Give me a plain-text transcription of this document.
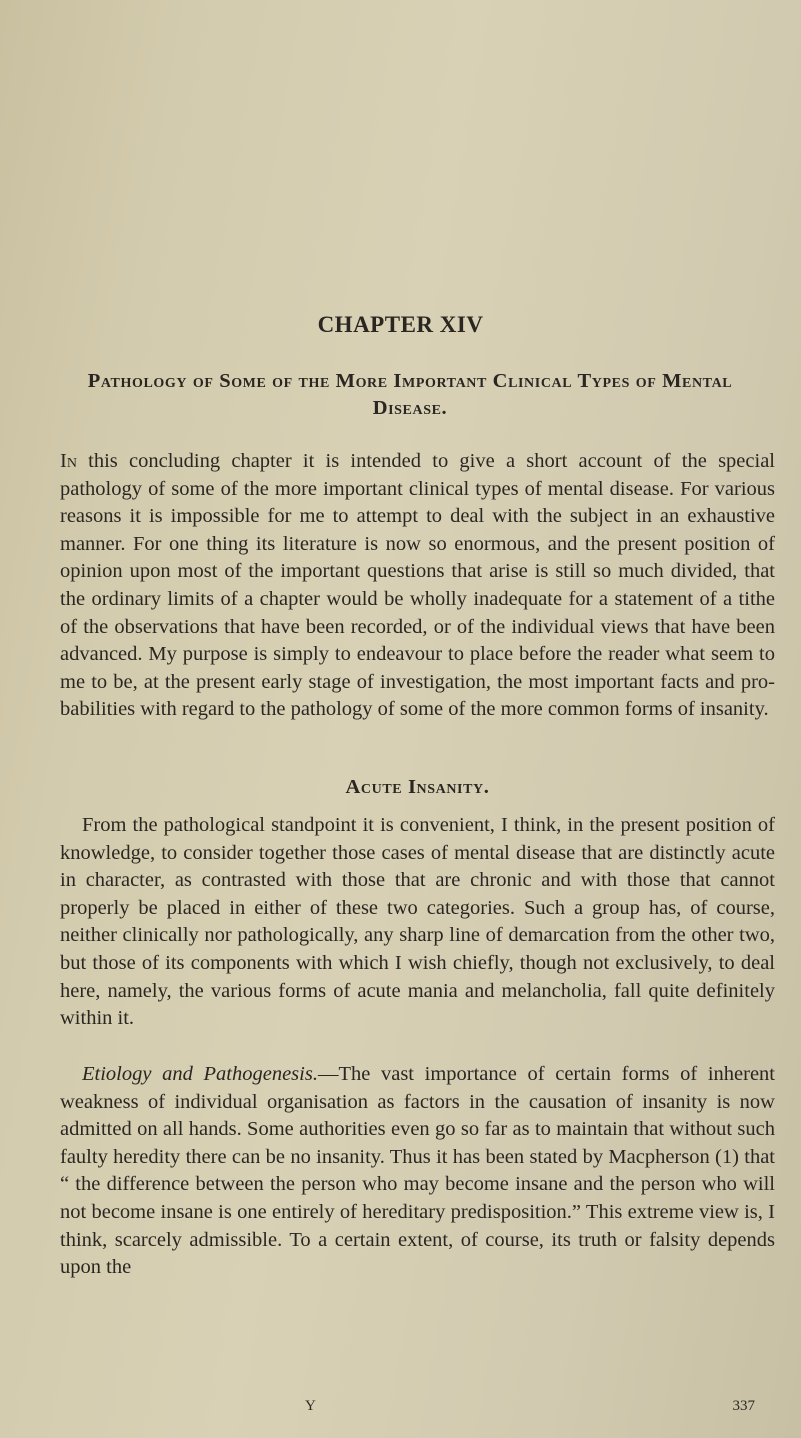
CHAPTER XIV
Pathology of Some of the More Important Clinical Types of Mental Disease.

In this concluding chapter it is intended to give a short account of the special pathology of some of the more important clinical types of mental disease. For various reasons it is impossible for me to attempt to deal with the subject in an exhaustive manner. For one thing its literature is now so enormous, and the present position of opinion upon most of the important questions that arise is still so much divided, that the ordinary limits of a chapter would be wholly inadequate for a statement of a tithe of the observations that have been recorded, or of the individual views that have been advanced. My purpose is simply to endeavour to place before the reader what seem to me to be, at the present early stage of investigation, the most important facts and probabilities with regard to the pathology of some of the more common forms of insanity.

Acute Insanity.

From the pathological standpoint it is convenient, I think, in the present position of knowledge, to consider together those cases of mental disease that are distinctly acute in character, as contrasted with those that are chronic and with those that cannot properly be placed in either of these two categories. Such a group has, of course, neither clinically nor pathologically, any sharp line of demarcation from the other two, but those of its components with which I wish chiefly, though not exclusively, to deal here, namely, the various forms of acute mania and melancholia, fall quite definitely within it.

Etiology and Pathogenesis.—The vast importance of certain forms of inherent weakness of individual organisation as factors in the causation of insanity is now admitted on all hands. Some authorities even go so far as to maintain that without such faulty heredity there can be no insanity. Thus it has been stated by Macpherson (1) that “ the difference between the person who may become insane and the person who will not become insane is one entirely of hereditary predisposition.” This extreme view is, I think, scarcely admissible. To a certain extent, of course, its truth or falsity depends upon the

Y	337
